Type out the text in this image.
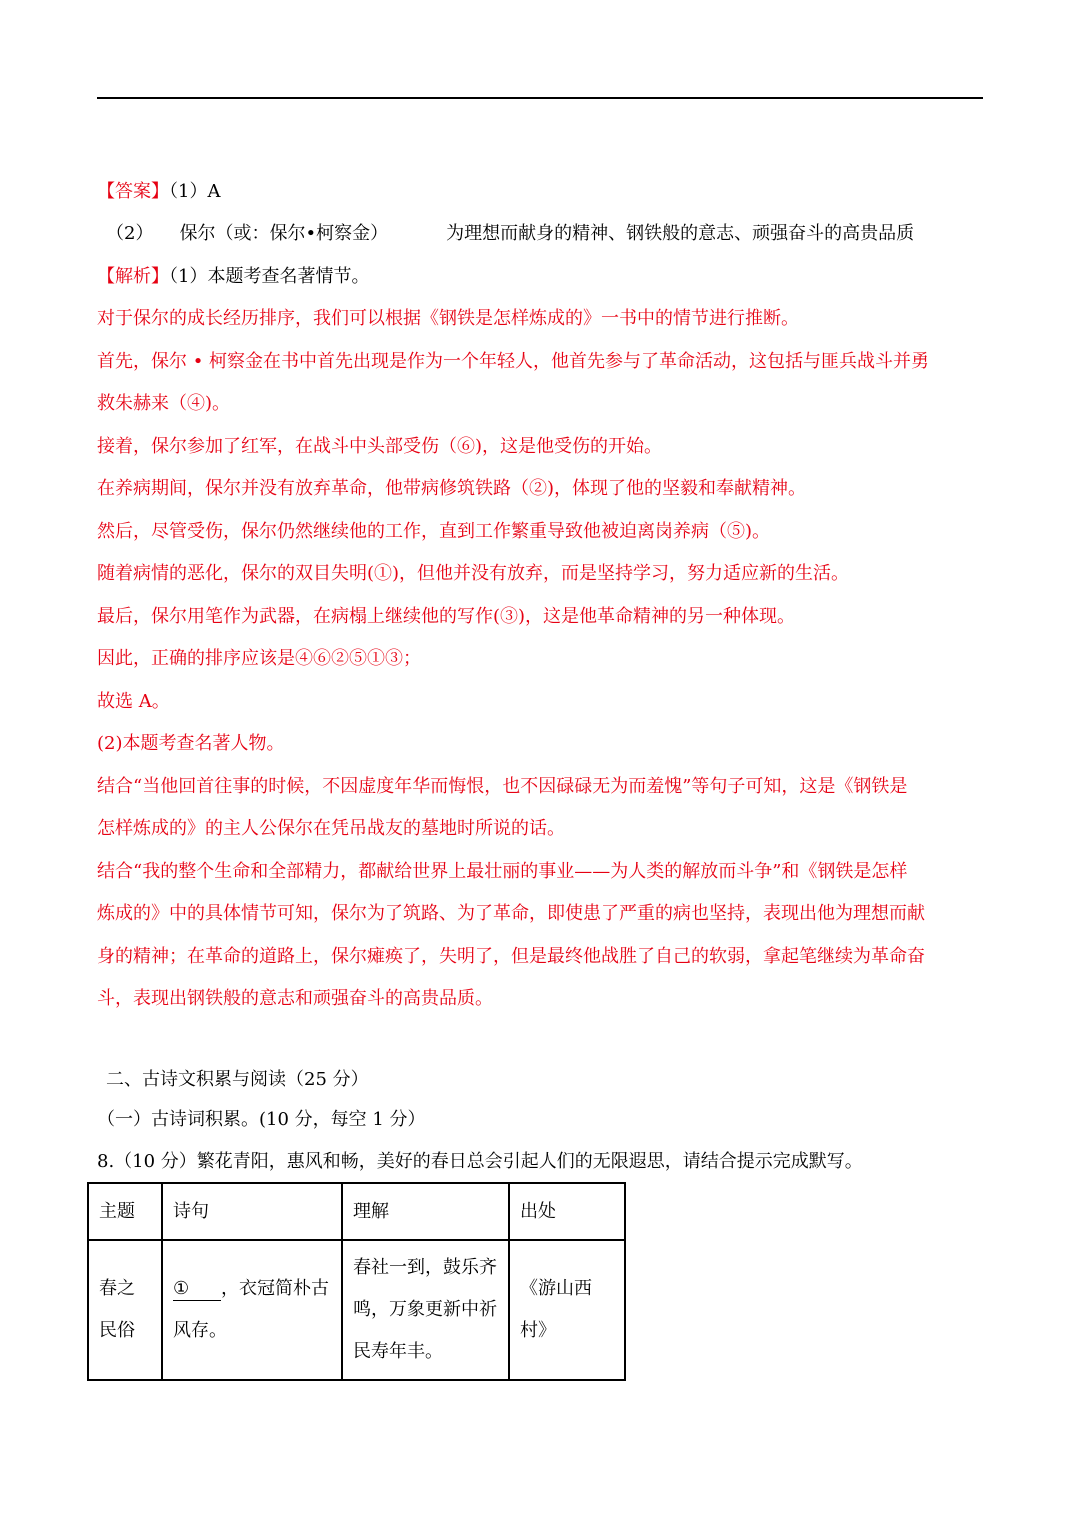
【答案】（1）A
（2） 保尔（或：保尔•柯察金）	为理想而献身的精神、钢铁般的意志、顽强奋斗的高贵品质
【解析】（1）本题考查名著情节。
对于保尔的成长经历排序，我们可以根据《钢铁是怎样炼成的》一书中的情节进行推断。
首先，保尔 • 柯察金在书中首先出现是作为一个年轻人，他首先参与了革命活动，这包括与匪兵战斗并勇
救朱赫来（④)。
接着，保尔参加了红军，在战斗中头部受伤（⑥)，这是他受伤的开始。
在养病期间，保尔并没有放弃革命，他带病修筑铁路（②)，体现了他的坚毅和奉献精神。
然后，尽管受伤，保尔仍然继续他的工作，直到工作繁重导致他被迫离岗养病（⑤)。
随着病情的恶化，保尔的双目失明(①)，但他并没有放弃，而是坚持学习，努力适应新的生活。
最后，保尔用笔作为武器，在病榻上继续他的写作(③)，这是他革命精神的另一种体现。
因此，正确的排序应该是④⑥②⑤①③；
故选 A。
(2)本题考查名著人物。
结合“当他回首往事的时候，不因虚度年华而悔恨，也不因碌碌无为而羞愧”等句子可知，这是《钢铁是
怎样炼成的》的主人公保尔在凭吊战友的墓地时所说的话。
结合“我的整个生命和全部精力，都献给世界上最壮丽的事业——为人类的解放而斗争”和《钢铁是怎样
炼成的》中的具体情节可知，保尔为了筑路、为了革命，即使患了严重的病也坚持，表现出他为理想而献
身的精神；在革命的道路上，保尔瘫痪了，失明了，但是最终他战胜了自己的软弱，拿起笔继续为革命奋
斗，表现出钢铁般的意志和顽强奋斗的高贵品质。
二、古诗文积累与阅读（25 分）
（一）古诗词积累。(10 分，每空 1 分）
8.（10 分）繁花青阳，惠风和畅，美好的春日总会引起人们的无限遐思，请结合提示完成默写。
主题	诗句	理解	出处
春之民俗	① ，衣冠简朴古风存。	春社一到，鼓乐齐鸣，万象更新中祈民寿年丰。	《游山西村》
